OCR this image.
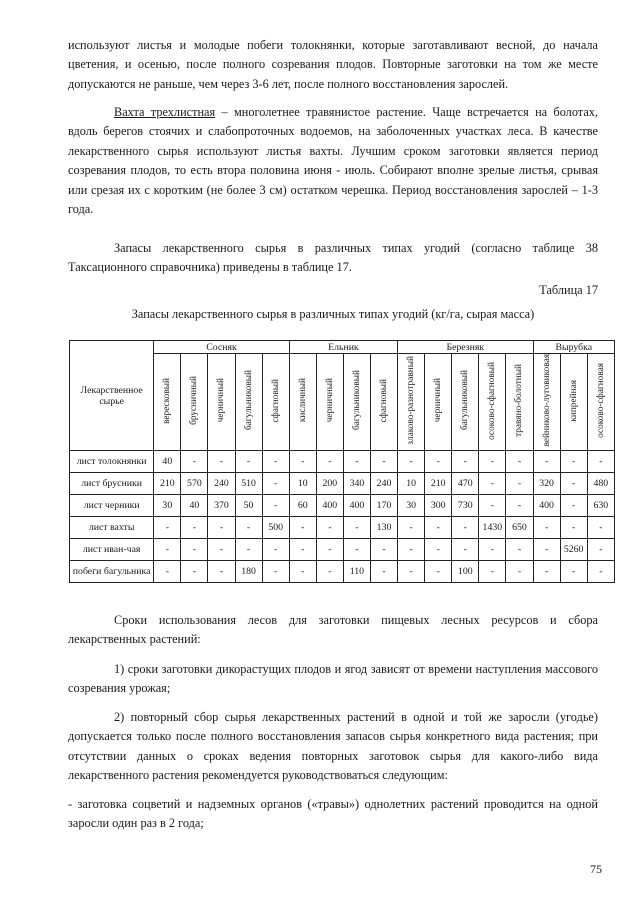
используют листья и молодые побеги толокнянки, которые заготавливают весной, до начала цветения, и осенью, после полного созревания плодов. Повторные заготовки на том же месте допускаются не раньше, чем через 3-6 лет, после полного восстановления зарослей.

Вахта трехлистная – многолетнее травянистое растение. Чаще встречается на болотах, вдоль берегов стоячих и слабопроточных водоемов, на заболоченных участках леса. В качестве лекарственного сырья используют листья вахты. Лучшим сроком заготовки является период созревания плодов, то есть втора половина июня - июль. Собирают вполне зрелые листья, срывая или срезая их с коротким (не более 3 см) остатком черешка. Период восстановления зарослей – 1-3 года.

Запасы лекарственного сырья в различных типах угодий (согласно таблице 38 Таксационного справочника) приведены в таблице 17.

Таблица 17

Запасы лекарственного сырья в различных типах угодий (кг/га, сырая масса)

Лекарственное сырье	Сосняк					Ельник				Березняк					Вырубка		
	вересковый	брусничный	черничный	багульниковый	сфагновый	кисличный	черничный	багульниковый	сфагновый	злаково-разнотравный	черничный	багульниковый	осоково-сфагновый	травяно-болотный	вейниково-луговиковая	кипрейная	осоково-сфагновая
лист толокнянки	40	-	-	-	-	-	-	-	-	-	-	-	-	-	-	-	-
лист брусники	210	570	240	510	-	10	200	340	240	10	210	470	-	-	320	-	480
лист черники	30	40	370	50	-	60	400	400	170	30	300	730	-	-	400	-	630
лист вахты	-	-	-	-	500	-	-	-	130	-	-	-	1430	650	-	-	-
лист иван-чая	-	-	-	-	-	-	-	-	-	-	-	-	-	-	-	5260	-
побеги багульника	-	-	-	180	-	-	-	110	-	-	-	100	-	-	-	-	-

Сроки использования лесов для заготовки пищевых лесных ресурсов и сбора лекарственных растений:

1) сроки заготовки дикорастущих плодов и ягод зависят от времени наступления массового созревания урожая;

2) повторный сбор сырья лекарственных растений в одной и той же заросли (угодье) допускается только после полного восстановления запасов сырья конкретного вида растения; при отсутствии данных о сроках ведения повторных заготовок сырья для какого-либо вида лекарственного растения рекомендуется руководствоваться следующим:

- заготовка соцветий и надземных органов («травы») однолетних растений проводится на одной заросли один раз в 2 года;

75
